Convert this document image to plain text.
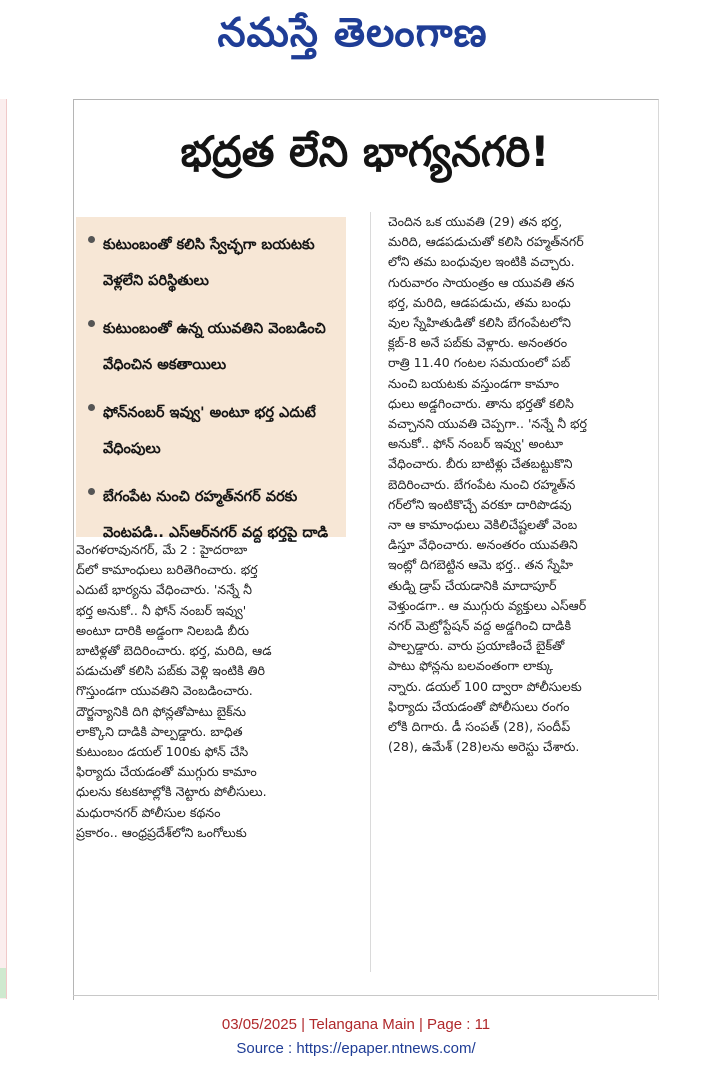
నమస్తే తెలంగాణ
భద్రత లేని భాగ్యనగరి!
కుటుంబంతో కలిసి స్వేచ్ఛగా బయటకు వెళ్లలేని పరిస్థితులు
కుటుంబంతో ఉన్న యువతిని వెంబడించి వేధించిన అకతాయిలు
ఫోన్‌నంబర్ ఇవ్వు' అంటూ భర్త ఎదుటే వేధింపులు
బేగంపేట నుంచి రహ్మత్‌నగర్ వరకు వెంటపడి.. ఎస్ఆర్‌నగర్ వద్ద భర్తపై దాడి
వెంగళరావునగర్, మే 2 : హైదరాబా
ద్‌లో కామాంధులు బరితెగించారు. భర్త
ఎదుటే భార్యను వేధించారు. 'నన్నే నీ
భర్త అనుకో.. నీ ఫోన్ నంబర్ ఇవ్వు'
అంటూ దారికి అడ్డంగా నిలబడి బీరు
బాటిళ్లతో బెదిరించారు. భర్త, మరిది, ఆడ
పడుచుతో కలిసి పబ్‌కు వెళ్లి ఇంటికి తిరి
గొస్తుండగా యువతిని వెంబడించారు.
దౌర్జన్యానికి దిగి ఫోన్లతోపాటు బైక్‌ను
లాక్కొని దాడికి పాల్పడ్డారు. బాధిత
కుటుంబం డయల్ 100కు ఫోన్ చేసి
ఫిర్యాదు చేయడంతో ముగ్గురు కామాం
ధులను కటకటాల్లోకి నెట్టారు పోలీసులు.
మధురానగర్ పోలీసుల కథనం
ప్రకారం.. ఆంధ్రప్రదేశ్‌లోని ఒంగోలుకు
చెందిన ఒక యువతి (29) తన భర్త,
మరిది, ఆడపడుచుతో కలిసి రహ్మత్‌నగర్
లోని తమ బంధువుల ఇంటికి వచ్చారు.
గురువారం సాయంత్రం ఆ యువతి తన
భర్త, మరిది, ఆడపడుచు, తమ బంధు
వుల స్నేహితుడితో కలిసి బేగంపేటలోని
క్లబ్-8 అనే పబ్‌కు వెళ్లారు. అనంతరం
రాత్రి 11.40 గంటల సమయంలో పబ్
నుంచి బయటకు వస్తుండగా కామాం
ధులు అడ్డగించారు. తాను భర్తతో కలిసి
వచ్చానని యువతి చెప్పగా.. 'నన్నే నీ భర్త
అనుకో.. ఫోన్ నంబర్ ఇవ్వు' అంటూ
వేధించారు. బీరు బాటిళ్లు చేతబట్టుకొని
బెదిరించారు. బేగంపేట నుంచి రహ్మత్‌న
గర్‌లోని ఇంటికొచ్చే వరకూ దారిపొడవు
నా ఆ కామాంధులు వెకిలిచేష్టలతో వెంబ
డిస్తూ వేధించారు. అనంతరం యువతిని
ఇంట్లో దిగబెట్టిన ఆమె భర్త.. తన స్నేహి
తుడ్ని డ్రాప్ చేయడానికి మాదాపూర్
వెళ్తుండగా.. ఆ ముగ్గురు వ్యక్తులు ఎస్ఆర్
నగర్ మెట్రోస్టేషన్ వద్ద అడ్డగించి దాడికి
పాల్పడ్డారు. వారు ప్రయాణించే బైక్‌తో
పాటు ఫోన్లను బలవంతంగా లాక్కు
న్నారు. డయల్ 100 ద్వారా పోలీసులకు
ఫిర్యాదు చేయడంతో పోలీసులు రంగం
లోకి దిగారు. డీ సంపత్ (28), సందీప్
(28), ఉమేశ్ (28)లను అరెస్టు చేశారు.
03/05/2025 | Telangana Main | Page : 11
Source : https://epaper.ntnews.com/
